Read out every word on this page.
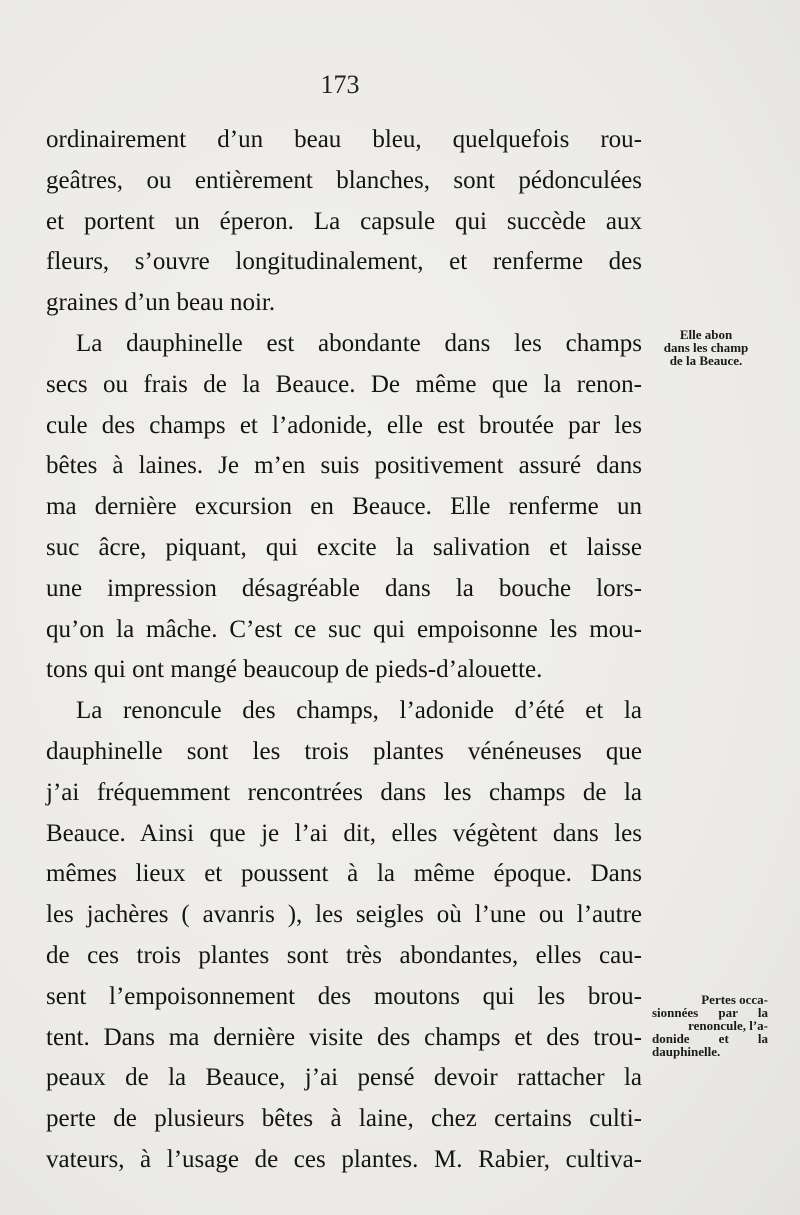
173
ordinairement d’un beau bleu, quelquefois rou-
geâtres, ou entièrement blanches, sont pédonculées
et portent un éperon. La capsule qui succède aux
fleurs, s’ouvre longitudinalement, et renferme des
graines d’un beau noir.
La dauphinelle est abondante dans les champs
secs ou frais de la Beauce. De même que la renon-
cule des champs et l’adonide, elle est broutée par les
bêtes à laines. Je m’en suis positivement assuré dans
ma dernière excursion en Beauce. Elle renferme un
suc âcre, piquant, qui excite la salivation et laisse
une impression désagréable dans la bouche lors-
qu’on la mâche. C’est ce suc qui empoisonne les mou-
tons qui ont mangé beaucoup de pieds-d’alouette.
La renoncule des champs, l’adonide d’été et la
dauphinelle sont les trois plantes vénéneuses que
j’ai fréquemment rencontrées dans les champs de la
Beauce. Ainsi que je l’ai dit, elles végètent dans les
mêmes lieux et poussent à la même époque. Dans
les jachères ( avanris ), les seigles où l’une ou l’autre
de ces trois plantes sont très abondantes, elles cau-
sent l’empoisonnement des moutons qui les brou-
tent. Dans ma dernière visite des champs et des trou-
peaux de la Beauce, j’ai pensé devoir rattacher la
perte de plusieurs bêtes à laine, chez certains culti-
vateurs, à l’usage de ces plantes. M. Rabier, cultiva-
Elle abon
dans les champ
de la Beauce.
Pertes occa-
sionnées par la
renoncule, l’a-
donide et la
dauphinelle.
